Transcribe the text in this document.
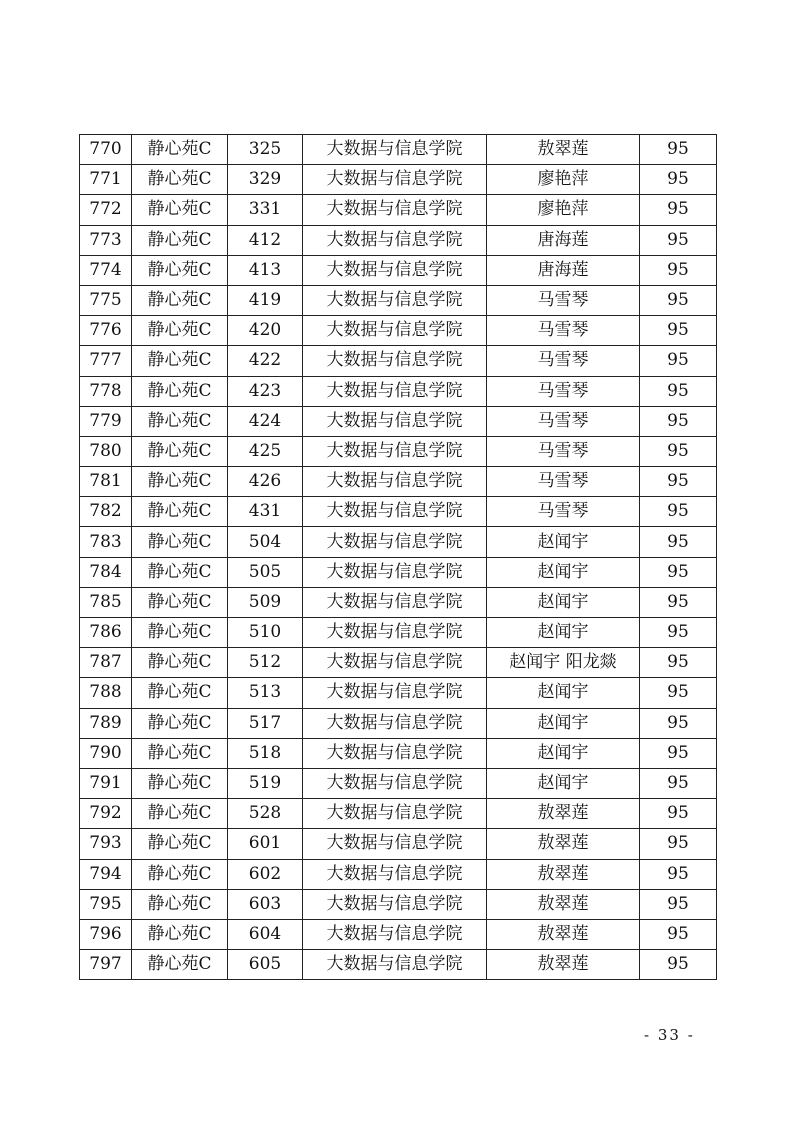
770	静心苑C	325	大数据与信息学院	敖翠莲	95
771	静心苑C	329	大数据与信息学院	廖艳萍	95
772	静心苑C	331	大数据与信息学院	廖艳萍	95
773	静心苑C	412	大数据与信息学院	唐海莲	95
774	静心苑C	413	大数据与信息学院	唐海莲	95
775	静心苑C	419	大数据与信息学院	马雪琴	95
776	静心苑C	420	大数据与信息学院	马雪琴	95
777	静心苑C	422	大数据与信息学院	马雪琴	95
778	静心苑C	423	大数据与信息学院	马雪琴	95
779	静心苑C	424	大数据与信息学院	马雪琴	95
780	静心苑C	425	大数据与信息学院	马雪琴	95
781	静心苑C	426	大数据与信息学院	马雪琴	95
782	静心苑C	431	大数据与信息学院	马雪琴	95
783	静心苑C	504	大数据与信息学院	赵闻宇	95
784	静心苑C	505	大数据与信息学院	赵闻宇	95
785	静心苑C	509	大数据与信息学院	赵闻宇	95
786	静心苑C	510	大数据与信息学院	赵闻宇	95
787	静心苑C	512	大数据与信息学院	赵闻宇 阳龙燚	95
788	静心苑C	513	大数据与信息学院	赵闻宇	95
789	静心苑C	517	大数据与信息学院	赵闻宇	95
790	静心苑C	518	大数据与信息学院	赵闻宇	95
791	静心苑C	519	大数据与信息学院	赵闻宇	95
792	静心苑C	528	大数据与信息学院	敖翠莲	95
793	静心苑C	601	大数据与信息学院	敖翠莲	95
794	静心苑C	602	大数据与信息学院	敖翠莲	95
795	静心苑C	603	大数据与信息学院	敖翠莲	95
796	静心苑C	604	大数据与信息学院	敖翠莲	95
797	静心苑C	605	大数据与信息学院	敖翠莲	95
- 33 -
